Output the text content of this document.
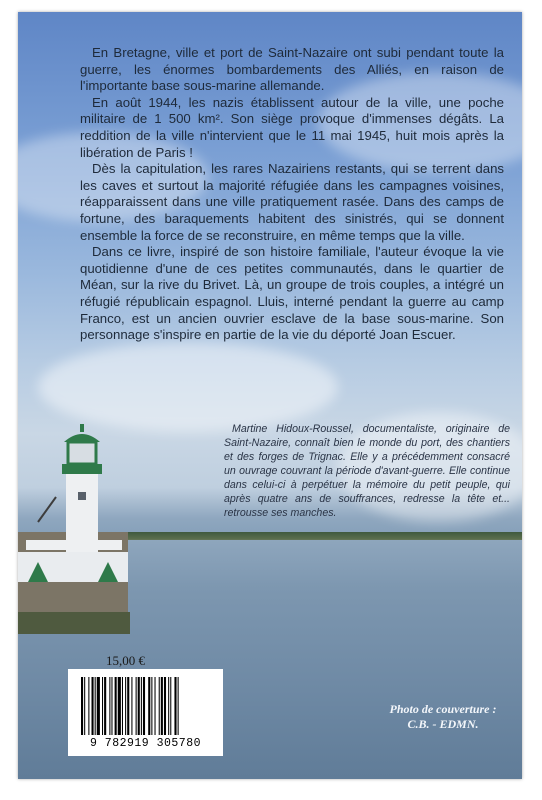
En Bretagne, ville et port de Saint-Nazaire ont subi pendant toute la guerre, les énormes bombardements des Alliés, en raison de l'importante base sous-marine allemande.

En août 1944, les nazis établissent autour de la ville, une poche militaire de 1 500 km². Son siège provoque d'immenses dégâts. La reddition de la ville n'intervient que le 11 mai 1945, huit mois après la libération de Paris !

Dès la capitulation, les rares Nazairiens restants, qui se terrent dans les caves et surtout la majorité réfugiée dans les campagnes voisines, réapparaissent dans une ville pratiquement rasée. Dans des camps de fortune, des baraquements habitent des sinistrés, qui se donnent ensemble la force de se reconstruire, en même temps que la ville.

Dans ce livre, inspiré de son histoire familiale, l'auteur évoque la vie quotidienne d'une de ces petites communautés, dans le quartier de Méan, sur la rive du Brivet. Là, un groupe de trois couples, a intégré un réfugié républicain espagnol. Lluis, interné pendant la guerre au camp Franco, est un ancien ouvrier esclave de la base sous-marine. Son personnage s'inspire en partie de la vie du déporté Joan Escuer.

Martine Hidoux-Roussel, documentaliste, originaire de Saint-Nazaire, connaît bien le monde du port, des chantiers et des forges de Trignac. Elle y a précédemment consacré un ouvrage couvrant la période d'avant-guerre. Elle continue dans celui-ci à perpétuer la mémoire du petit peuple, qui après quatre ans de souffrances, redresse la tête et... retrousse ses manches.

15,00 €
9 782919 305780
Photo de couverture :
C.B. - EDMN.
